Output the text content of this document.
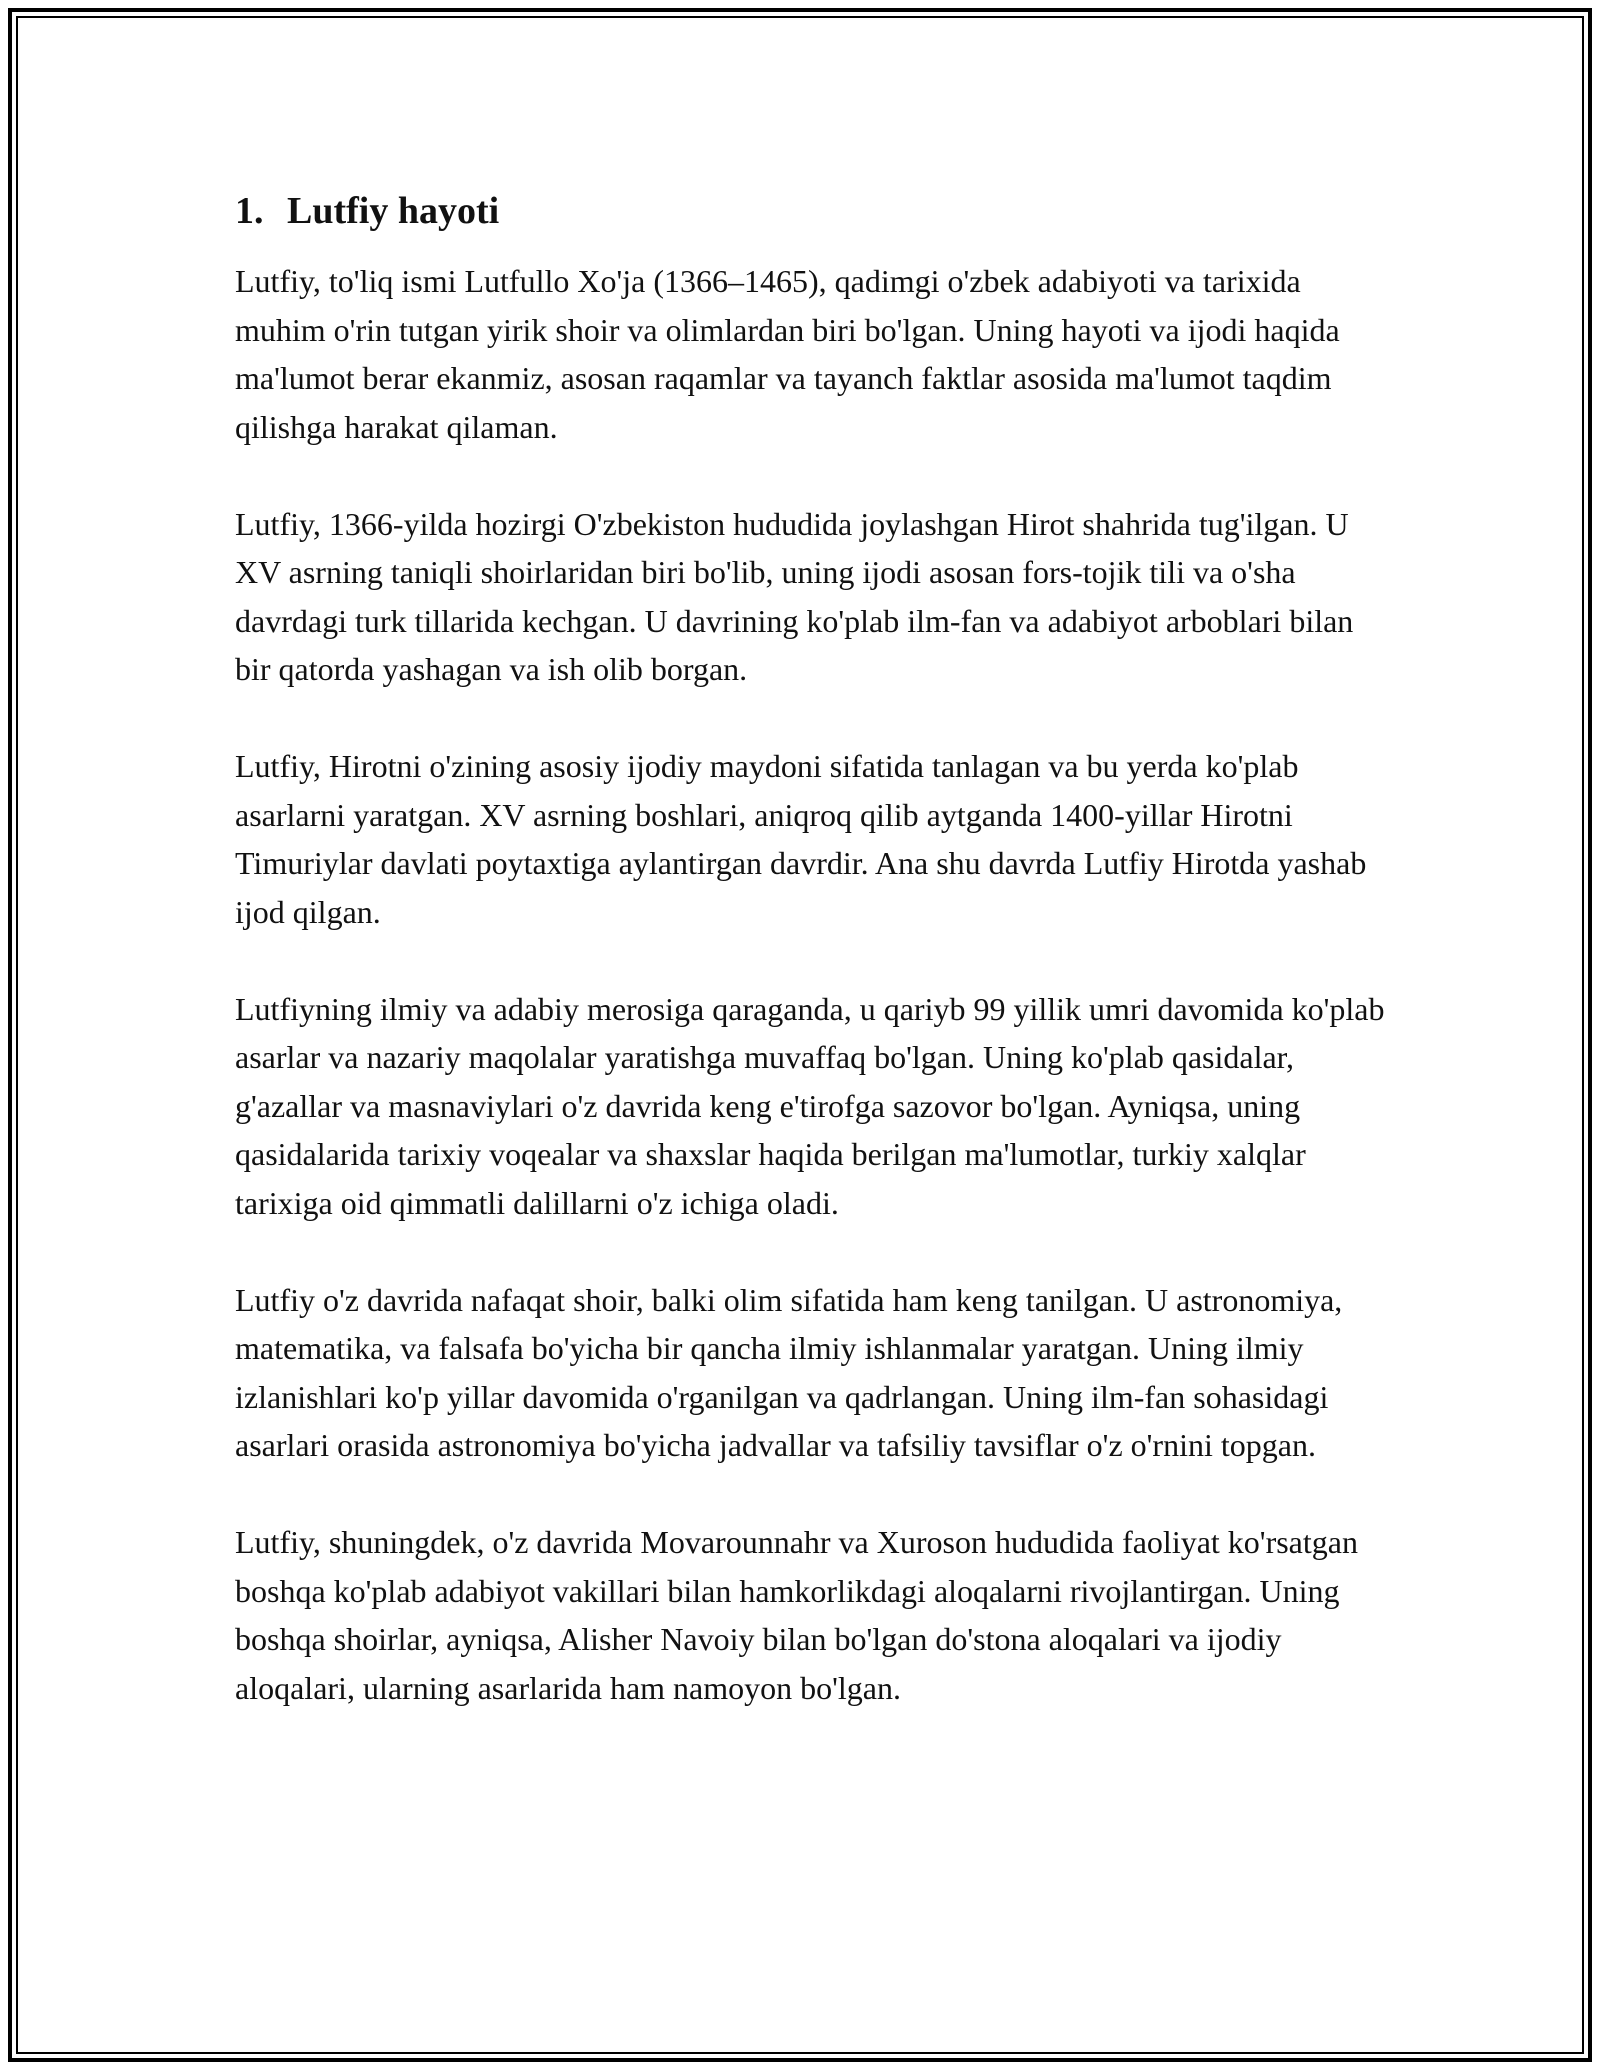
1. Lutfiy hayoti

Lutfiy, to'liq ismi Lutfullo Xo'ja (1366–1465), qadimgi o'zbek adabiyoti va tarixida muhim o'rin tutgan yirik shoir va olimlardan biri bo'lgan. Uning hayoti va ijodi haqida ma'lumot berar ekanmiz, asosan raqamlar va tayanch faktlar asosida ma'lumot taqdim qilishga harakat qilaman.

Lutfiy, 1366-yilda hozirgi O'zbekiston hududida joylashgan Hirot shahrida tug'ilgan. U XV asrning taniqli shoirlaridan biri bo'lib, uning ijodi asosan fors-tojik tili va o'sha davrdagi turk tillarida kechgan. U davrining ko'plab ilm-fan va adabiyot arboblari bilan bir qatorda yashagan va ish olib borgan.

Lutfiy, Hirotni o'zining asosiy ijodiy maydoni sifatida tanlagan va bu yerda ko'plab asarlarni yaratgan. XV asrning boshlari, aniqroq qilib aytganda 1400-yillar Hirotni Timuriylar davlati poytaxtiga aylantirgan davrdir. Ana shu davrda Lutfiy Hirotda yashab ijod qilgan.

Lutfiyning ilmiy va adabiy merosiga qaraganda, u qariyb 99 yillik umri davomida ko'plab asarlar va nazariy maqolalar yaratishga muvaffaq bo'lgan. Uning ko'plab qasidalar, g'azallar va masnaviylari o'z davrida keng e'tirofga sazovor bo'lgan. Ayniqsa, uning qasidalarida tarixiy voqealar va shaxslar haqida berilgan ma'lumotlar, turkiy xalqlar tarixiga oid qimmatli dalillarni o'z ichiga oladi.

Lutfiy o'z davrida nafaqat shoir, balki olim sifatida ham keng tanilgan. U astronomiya, matematika, va falsafa bo'yicha bir qancha ilmiy ishlanmalar yaratgan. Uning ilmiy izlanishlari ko'p yillar davomida o'rganilgan va qadrlangan. Uning ilm-fan sohasidagi asarlari orasida astronomiya bo'yicha jadvallar va tafsiliy tavsiflar o'z o'rnini topgan.

Lutfiy, shuningdek, o'z davrida Movarounnahr va Xuroson hududida faoliyat ko'rsatgan boshqa ko'plab adabiyot vakillari bilan hamkorlikdagi aloqalarni rivojlantirgan. Uning boshqa shoirlar, ayniqsa, Alisher Navoiy bilan bo'lgan do'stona aloqalari va ijodiy aloqalari, ularning asarlarida ham namoyon bo'lgan.
